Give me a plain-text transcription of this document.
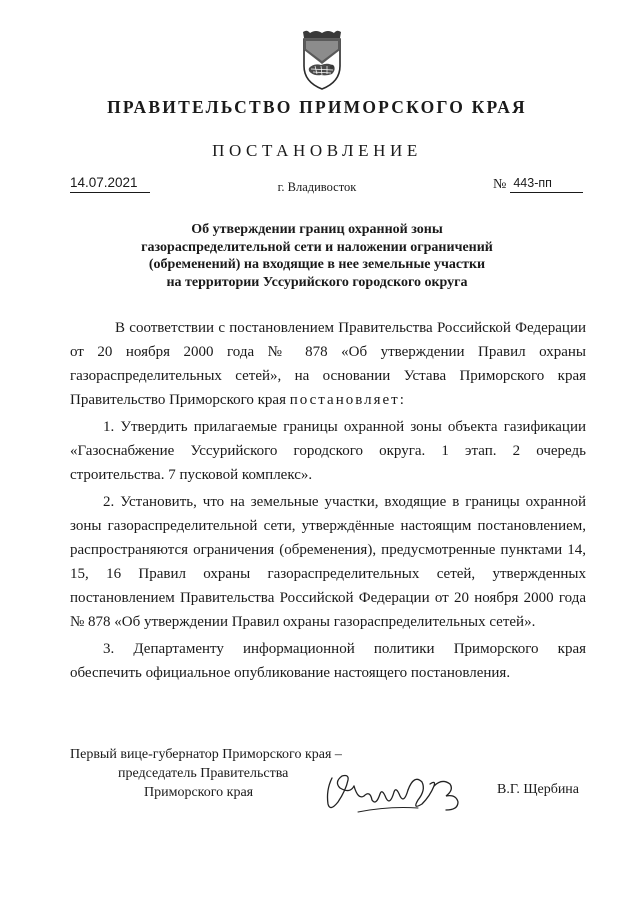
ПРАВИТЕЛЬСТВО ПРИМОРСКОГО КРАЯ
ПОСТАНОВЛЕНИЕ
14.07.2021	г. Владивосток	№ 443-пп
Об утверждении границ охранной зоны
газораспределительной сети и наложении ограничений
(обременений) на входящие в нее земельные участки
на территории Уссурийского городского округа
В соответствии с постановлением Правительства Российской Федерации
от 20 ноября 2000 года № 878 «Об утверждении Правил охраны
газораспределительных сетей», на основании Устава Приморского края
Правительство Приморского края постановляет:
1. Утвердить прилагаемые границы охранной зоны объекта газификации
«Газоснабжение Уссурийского городского округа. 1 этап. 2 очередь
строительства. 7 пусковой комплекс».
2. Установить, что на земельные участки, входящие в границы охранной
зоны газораспределительной сети, утверждённые настоящим постановлением,
распространяются ограничения (обременения), предусмотренные пунктами 14,
15, 16 Правил охраны газораспределительных сетей, утвержденных
постановлением Правительства Российской Федерации от 20 ноября 2000 года
№ 878 «Об утверждении Правил охраны газораспределительных сетей».
3. Департаменту информационной политики Приморского края
обеспечить официальное опубликование настоящего постановления.
Первый вице-губернатор Приморского края –
председатель Правительства
Приморского края	В.Г. Щербина
